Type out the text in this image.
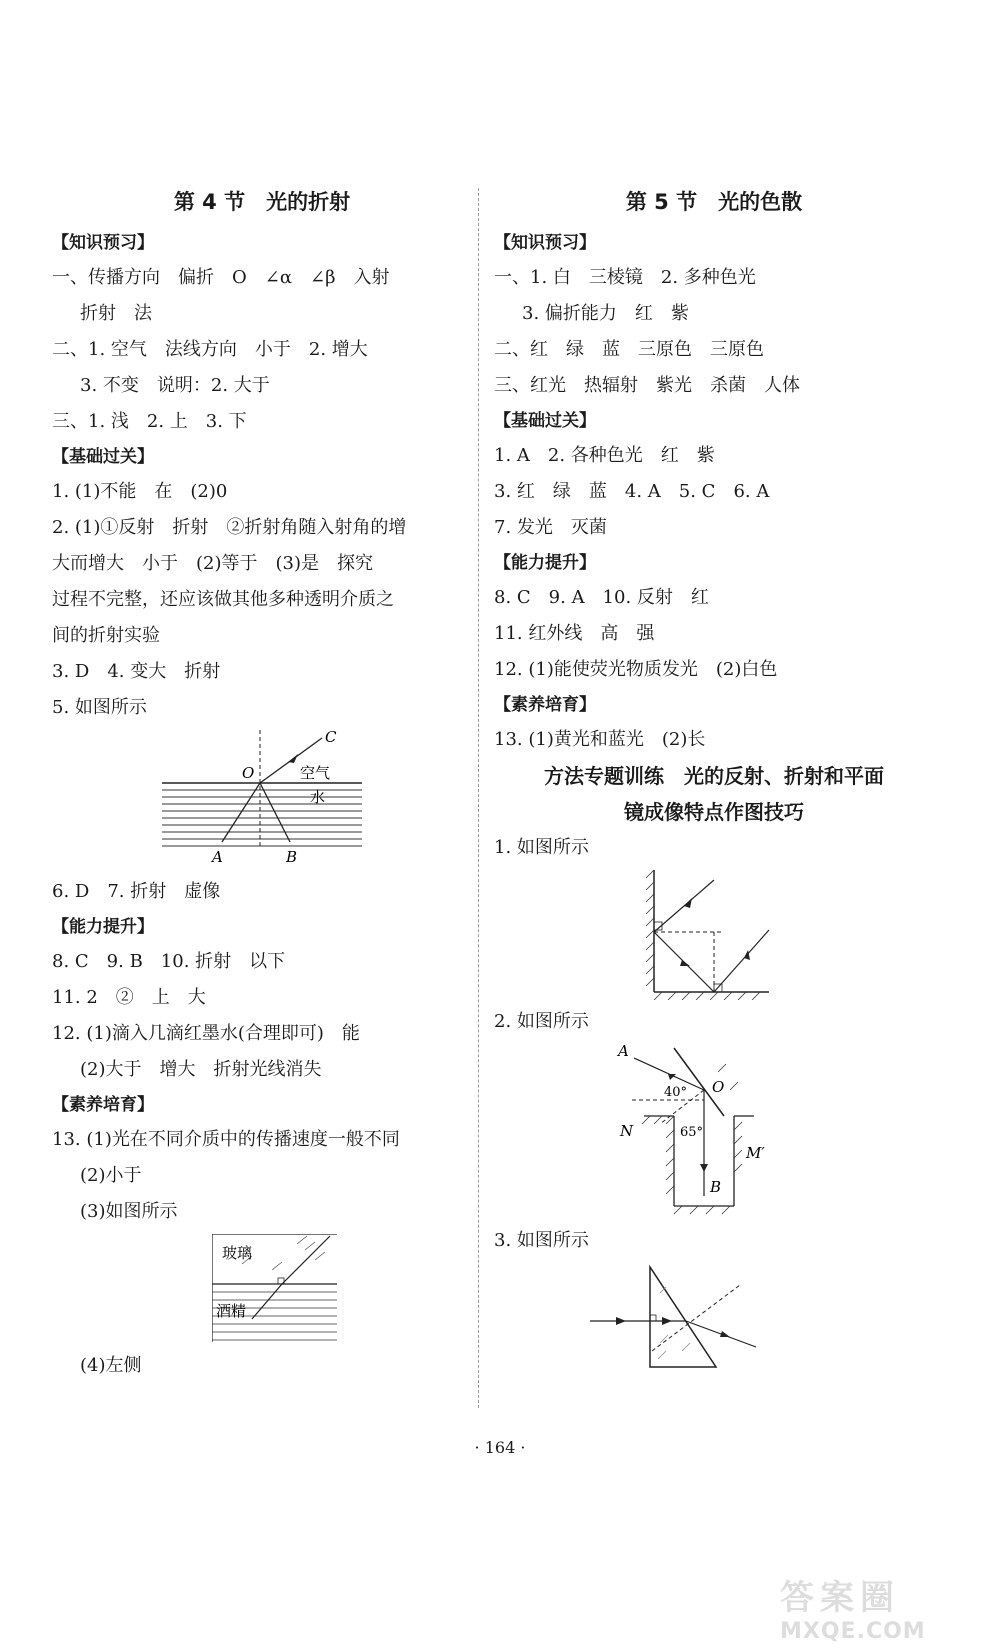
第 4 节　光的折射
【知识预习】
一、传播方向　偏折　O　∠α　∠β　入射
折射　法
二、1. 空气　法线方向　小于　2. 增大
3. 不变　说明：2. 大于
三、1. 浅　2. 上　3. 下
【基础过关】
1. (1)不能　在　(2)0
2. (1)①反射　折射　②折射角随入射角的增
大而增大　小于　(2)等于　(3)是　探究
过程不完整，还应该做其他多种透明介质之
间的折射实验
3. D　4. 变大　折射
5. 如图所示
C
O	空气
水
A	B
6. D　7. 折射　虚像
【能力提升】
8. C　9. B　10. 折射　以下
11. 2　②　上　大
12. (1)滴入几滴红墨水(合理即可)　能
(2)大于　增大　折射光线消失
【素养培育】
13. (1)光在不同介质中的传播速度一般不同
(2)小于
(3)如图所示
玻璃
酒精
(4)左侧
第 5 节　光的色散
【知识预习】
一、1. 白　三棱镜　2. 多种色光
3. 偏折能力　红　紫
二、红　绿　蓝　三原色　三原色
三、红光　热辐射　紫光　杀菌　人体
【基础过关】
1. A　2. 各种色光　红　紫
3. 红　绿　蓝　4. A　5. C　6. A
7. 发光　灭菌
【能力提升】
8. C　9. A　10. 反射　红
11. 红外线　高　强
12. (1)能使荧光物质发光　(2)白色
【素养培育】
13. (1)黄光和蓝光　(2)长
方法专题训练　光的反射、折射和平面
镜成像特点作图技巧
1. 如图所示
2. 如图所示
A
O
40°
65°
N
M′
B
3. 如图所示
· 164 ·
答案圈
MXQE.COM
